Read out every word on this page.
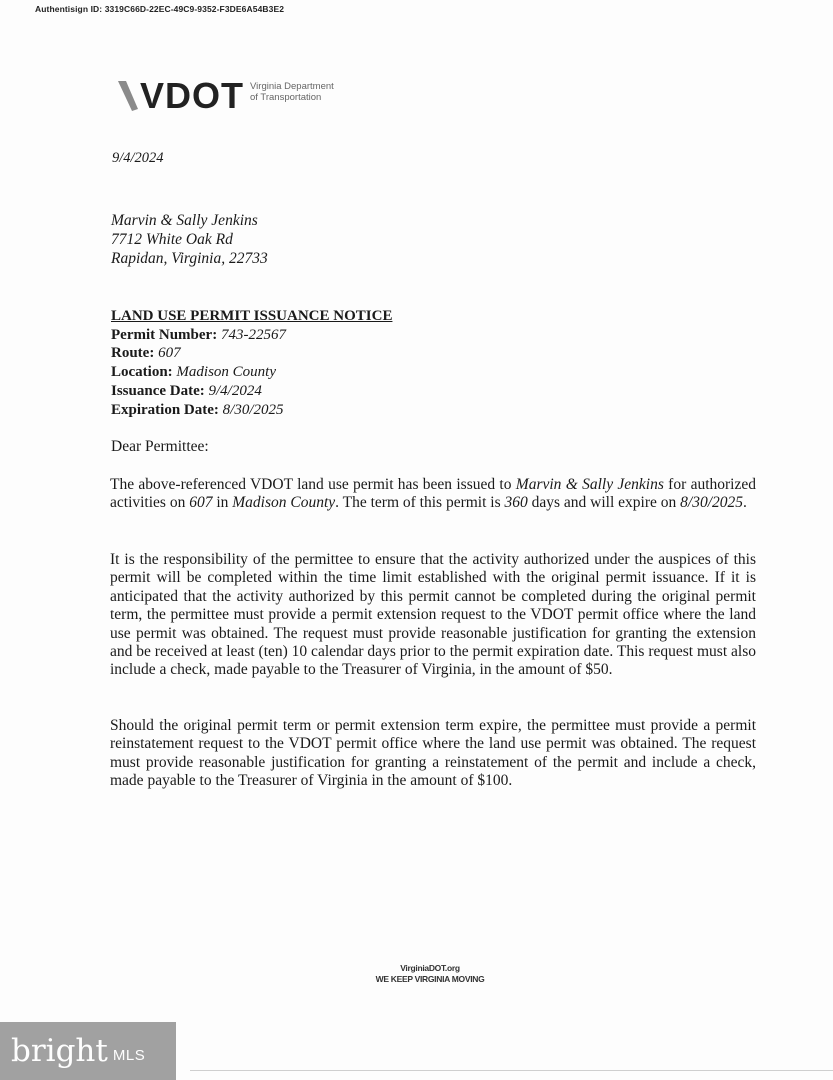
Authentisign ID: 3319C66D-22EC-49C9-9352-F3DE6A54B3E2
VDOT Virginia Department
of Transportation
9/4/2024
Marvin & Sally Jenkins
7712 White Oak Rd
Rapidan, Virginia, 22733
LAND USE PERMIT ISSUANCE NOTICE
Permit Number: 743-22567
Route: 607
Location: Madison County
Issuance Date: 9/4/2024
Expiration Date: 8/30/2025
Dear Permittee:
The above-referenced VDOT land use permit has been issued to Marvin & Sally Jenkins for authorized activities on 607 in Madison County. The term of this permit is 360 days and will expire on 8/30/2025.
It is the responsibility of the permittee to ensure that the activity authorized under the auspices of this permit will be completed within the time limit established with the original permit issuance. If it is anticipated that the activity authorized by this permit cannot be completed during the original permit term, the permittee must provide a permit extension request to the VDOT permit office where the land use permit was obtained. The request must provide reasonable justification for granting the extension and be received at least (ten) 10 calendar days prior to the permit expiration date. This request must also include a check, made payable to the Treasurer of Virginia, in the amount of $50.
Should the original permit term or permit extension term expire, the permittee must provide a permit reinstatement request to the VDOT permit office where the land use permit was obtained. The request must provide reasonable justification for granting a reinstatement of the permit and include a check, made payable to the Treasurer of Virginia in the amount of $100.
VirginiaDOT.org
WE KEEP VIRGINIA MOVING
bright MLS
